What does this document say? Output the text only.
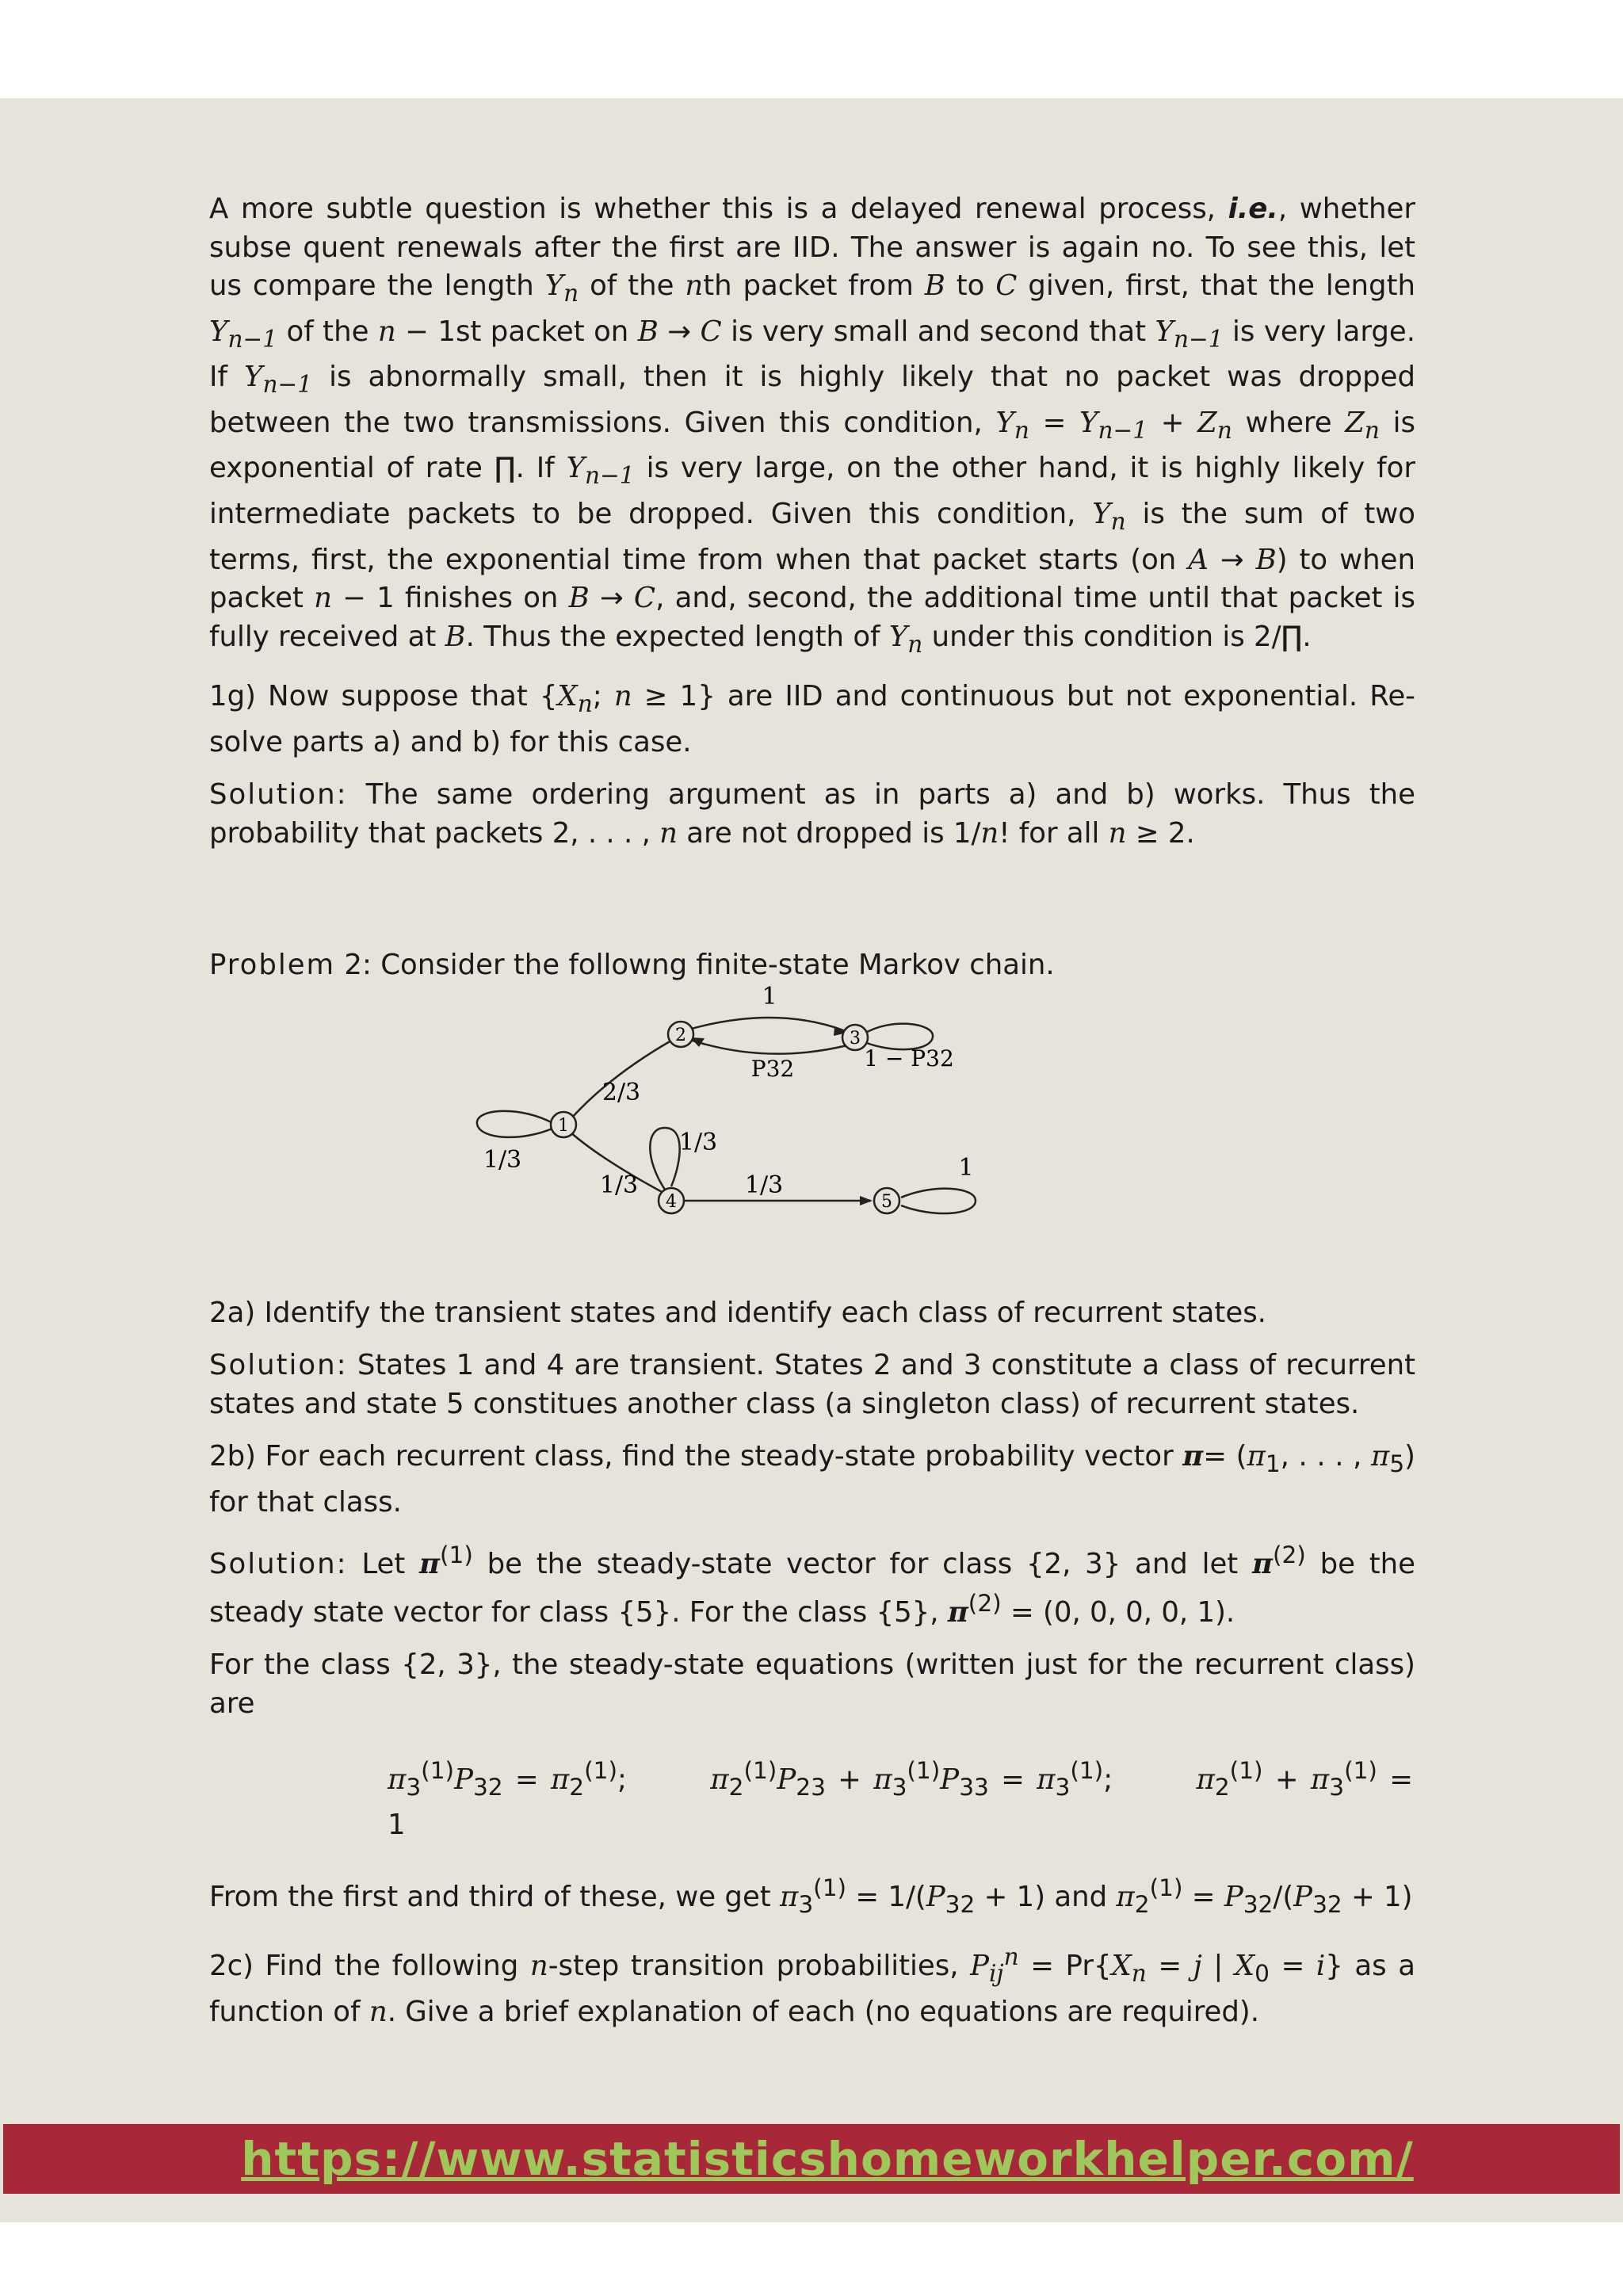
A more subtle question is whether this is a delayed renewal process, i.e., whether subse quent renewals after the first are IID. The answer is again no. To see this, let us compare the length $Y_n$ of the nth packet from B to C given, first, that the length $Y_{n-1}$ of the n − 1st packet on B → C is very small and second that $Y_{n-1}$ is very large. If $Y_{n-1}$ is abnormally small, then it is highly likely that no packet was dropped between the two transmissions. Given this condition, $Y_n = Y_{n-1} + Z_n$ where $Z_n$ is exponential of rate ∏. If $Y_{n-1}$ is very large, on the other hand, it is highly likely for intermediate packets to be dropped. Given this condition, $Y_n$ is the sum of two terms, first, the exponential time from when that packet starts (on A → B) to when packet n − 1 finishes on B → C, and, second, the additional time until that packet is fully received at B. Thus the expected length of $Y_n$ under this condition is 2/∏.

1g) Now suppose that {$X_n$; n ≥ 1} are IID and continuous but not exponential. Re-solve parts a) and b) for this case.

Solution: The same ordering argument as in parts a) and b) works. Thus the probability that packets 2, . . . , n are not dropped is 1/n! for all n ≥ 2.

Problem 2: Consider the followng finite-state Markov chain.

1
2	3
4	5
2/3
1/3
1/3
1
P32	1 − P32
1/3
1/3
1

2a) Identify the transient states and identify each class of recurrent states.

Solution: States 1 and 4 are transient. States 2 and 3 constitute a class of recurrent states and state 5 constitues another class (a singleton class) of recurrent states.

2b) For each recurrent class, find the steady-state probability vector $\pi= (\pi_1$, . . . , $\pi_5$) for that class.

Solution: Let $\pi^{(1)}$ be the steady-state vector for class {2, 3} and let $\pi^{(2)}$ be the steady state vector for class {5}. For the class {5}, $\pi^{(2)} = (0$, 0, 0, 0, 1).

For the class {2, 3}, the steady-state equations (written just for the recurrent class) are

$\pi_3^{(1)}P_{32} = \pi_2^{(1)}$;	$\pi_2^{(1)}P_{23} + \pi_3^{(1)}P_{33} = \pi_3^{(1)}$;	$\pi_2^{(1)} + \pi_3^{(1)} = 1$

From the first and third of these, we get $\pi_3^{(1)} = 1/(P_{32} + 1)$ and $\pi_2^{(1)} = P_{32}/(P_{32} + 1)$

2c) Find the following n-step transition probabilities, $P_{ij}^n = Pr\{X_n = j$ | $X_0 = i$} as a function of n. Give a brief explanation of each (no equations are required).

https://www.statisticshomeworkhelper.com/
